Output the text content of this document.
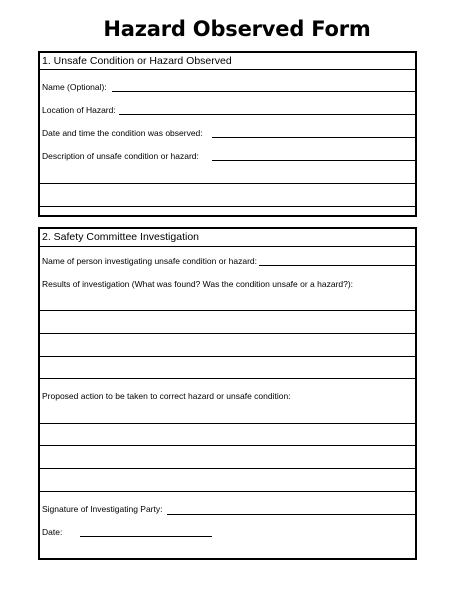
Hazard Observed Form
1. Unsafe Condition or Hazard Observed
Name (Optional):
Location of Hazard:
Date and time the condition was observed:
Description of unsafe condition or hazard:
2. Safety Committee Investigation
Name of person investigating unsafe condition or hazard:
Results of investigation (What was found? Was the condition unsafe or a hazard?):
Proposed action to be taken to correct hazard or unsafe condition:
Signature of Investigating Party:
Date:
